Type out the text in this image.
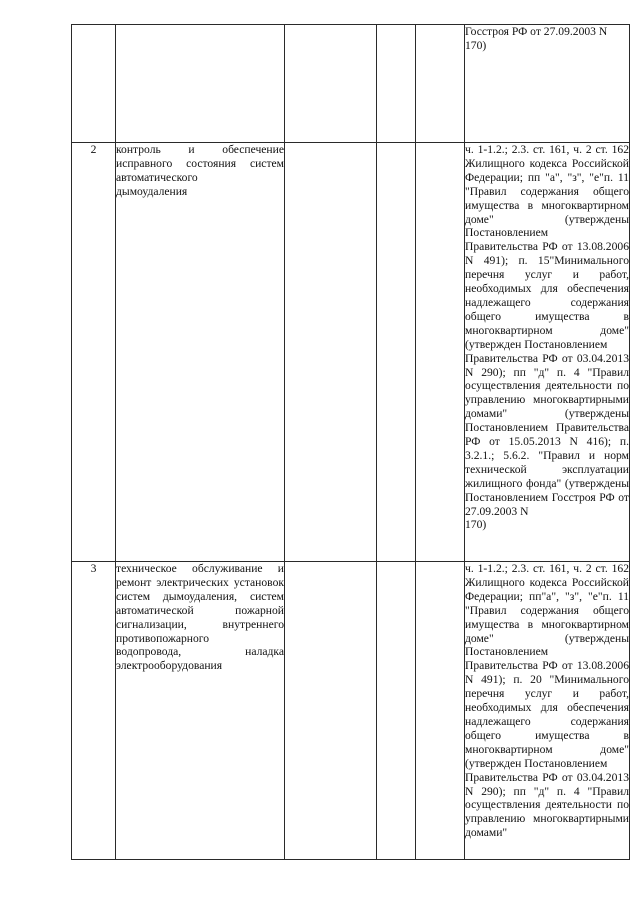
					Госстроя РФ от 27.09.2003 N
170)

2	контроль и обеспечение исправного состояния систем автоматического
дымоудаления				ч. 1-1.2.; 2.3. ст. 161, ч. 2 ст. 162 Жилищного кодекса Российской Федерации; пп "а", "з", "е"п. 11 "Правил содержания общего имущества в многоквартирном доме" (утверждены Постановлением
Правительства РФ от 13.08.2006 N 491); п. 15"Минимального перечня услуг и работ, необходимых для обеспечения надлежащего содержания общего имущества в многоквартирном доме" (утвержден Постановлением
Правительства РФ от 03.04.2013 N 290); пп "д" п. 4 "Правил осуществления деятельности по управлению многоквартирными домами" (утверждены Постановлением Правительства РФ от 15.05.2013 N 416); п. 3.2.1.; 5.6.2. "Правил и норм технической эксплуатации жилищного фонда" (утверждены Постановлением Госстроя РФ от 27.09.2003 N
170)

3	техническое обслуживание и ремонт электрических установок систем дымоудаления, систем автоматической пожарной сигнализации, внутреннего противопожарного
водопровода, наладка электрооборудования				ч. 1-1.2.; 2.3. ст. 161, ч. 2 ст. 162 Жилищного кодекса Российской Федерации; пп"а", "з", "е"п. 11 "Правил содержания общего имущества в многоквартирном доме" (утверждены Постановлением
Правительства РФ от 13.08.2006 N 491); п. 20 "Минимального перечня услуг и работ, необходимых для обеспечения надлежащего содержания общего имущества в многоквартирном доме" (утвержден Постановлением
Правительства РФ от 03.04.2013 N 290); пп "д" п. 4 "Правил осуществления деятельности по управлению многоквартирными домами"
